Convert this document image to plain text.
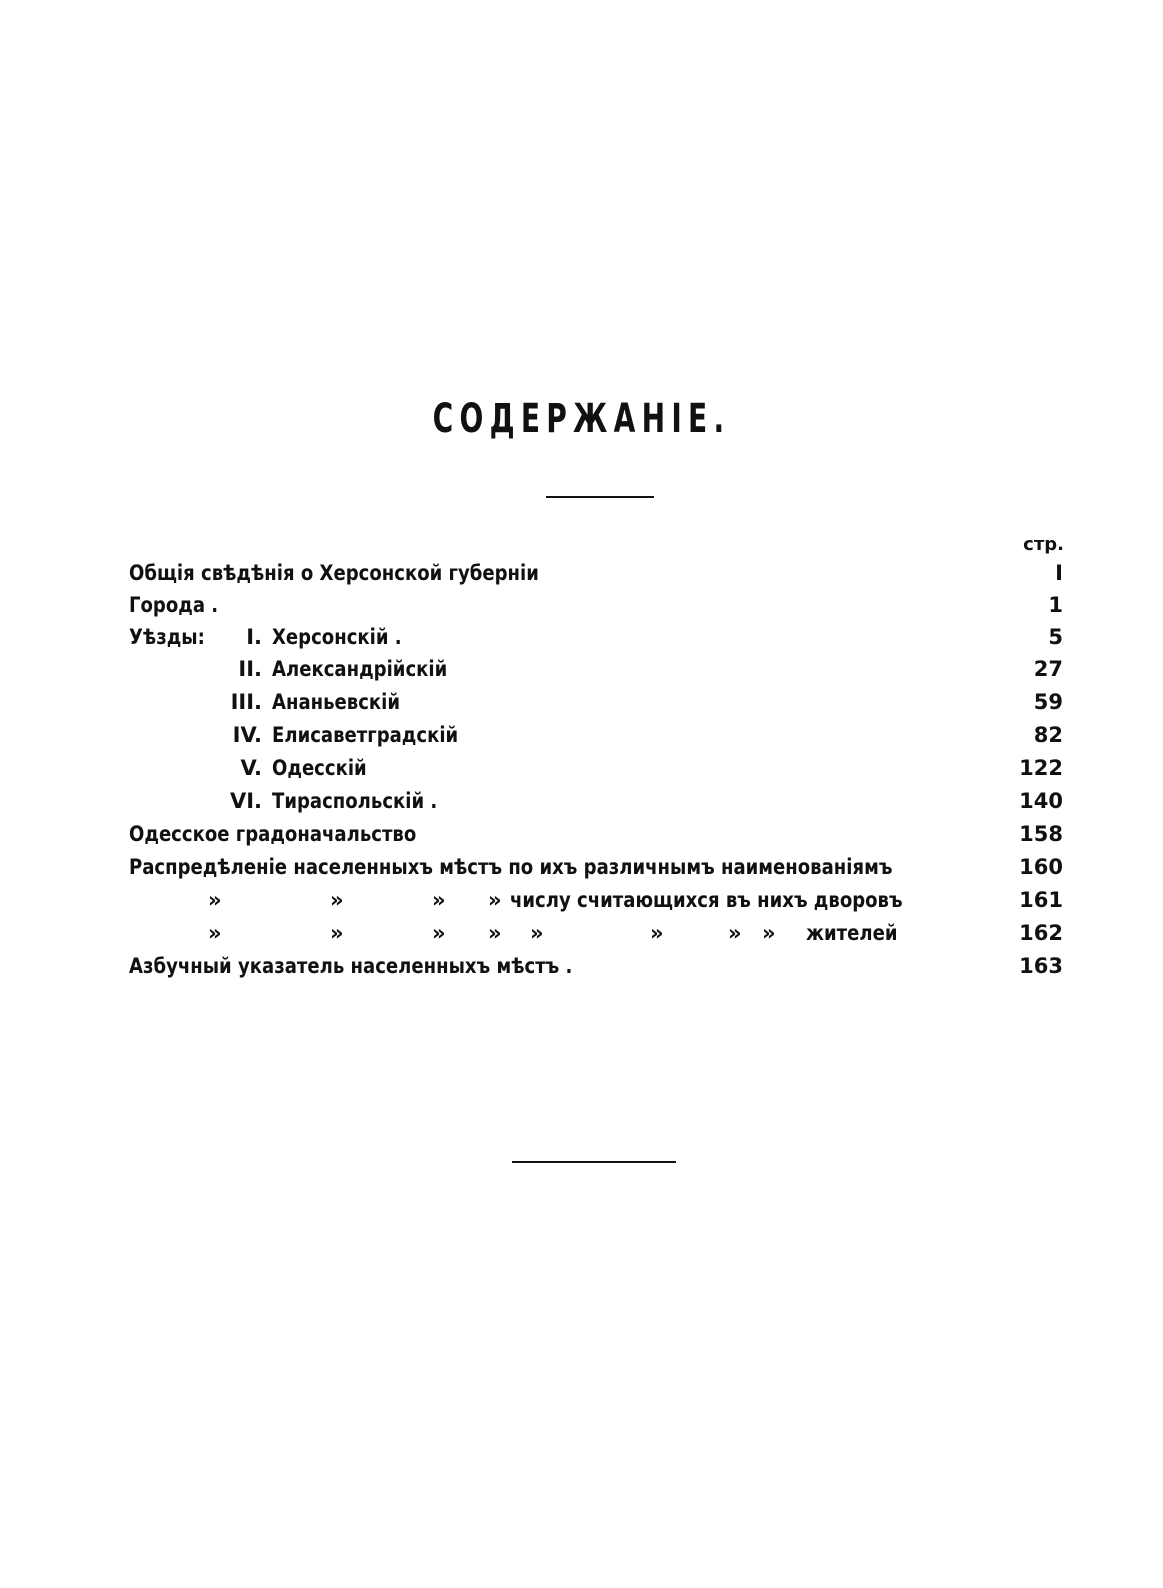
СОДЕРЖАНІЕ.
стр.
Общія свѣдѣнія о Херсонской губерніи	I
Города .	1
Уѣзды:	I. Херсонскій .	5
II. Александрійскій	27
III. Ананьевскій	59
IV. Елисаветградскій	82
V. Одесскій	122
VI. Тираспольскій .	140
Одесское градоначальство	158
Распредѣленіе населенныхъ мѣстъ по ихъ различнымъ наименованіямъ	160
»	»	» » числу считающихся въ нихъ дворовъ	161
»	»	» » »	»	» » жителей	162
Азбучный указатель населенныхъ мѣстъ .	163
